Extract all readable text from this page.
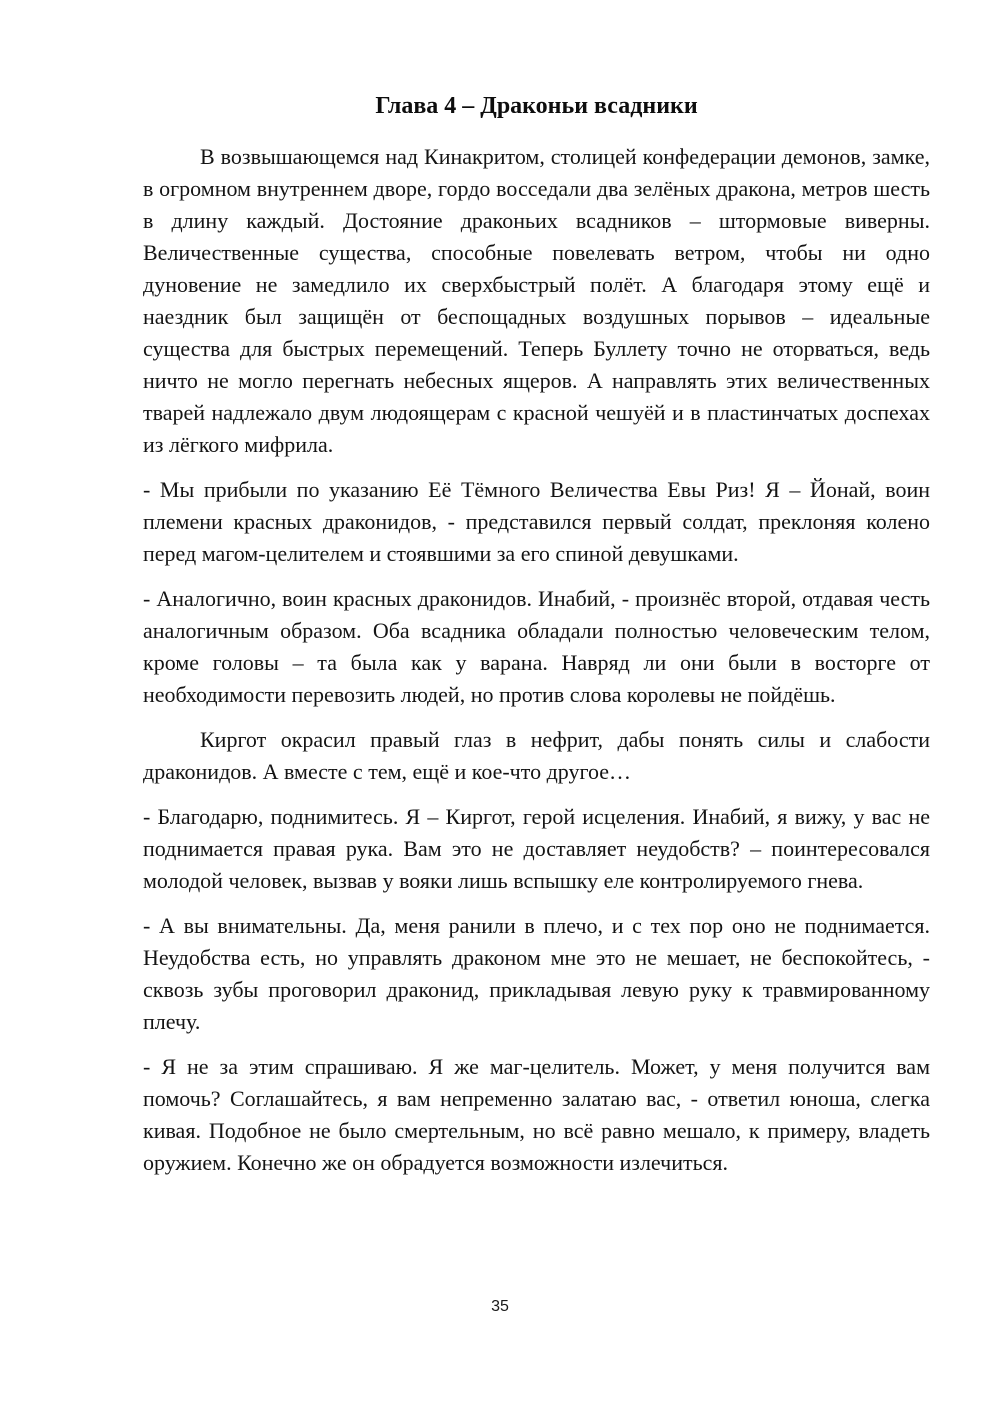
Глава 4 – Драконьи всадники

В возвышающемся над Кинакритом, столицей конфедерации демонов, замке, в огромном внутреннем дворе, гордо восседали два зелёных дракона, метров шесть в длину каждый. Достояние драконьих всадников – штормовые виверны. Величественные существа, способные повелевать ветром, чтобы ни одно дуновение не замедлило их сверхбыстрый полёт. А благодаря этому ещё и наездник был защищён от беспощадных воздушных порывов – идеальные существа для быстрых перемещений. Теперь Буллету точно не оторваться, ведь ничто не могло перегнать небесных ящеров. А направлять этих величественных тварей надлежало двум людоящерам с красной чешуёй и в пластинчатых доспехах из лёгкого мифрила.

- Мы прибыли по указанию Её Тёмного Величества Евы Риз! Я – Йонай, воин племени красных драконидов, - представился первый солдат, преклоняя колено перед магом-целителем и стоявшими за его спиной девушками.

- Аналогично, воин красных драконидов. Инабий, - произнёс второй, отдавая честь аналогичным образом. Оба всадника обладали полностью человеческим телом, кроме головы – та была как у варана. Навряд ли они были в восторге от необходимости перевозить людей, но против слова королевы не пойдёшь.

Киргот окрасил правый глаз в нефрит, дабы понять силы и слабости драконидов. А вместе с тем, ещё и кое-что другое…

- Благодарю, поднимитесь. Я – Киргот, герой исцеления. Инабий, я вижу, у вас не поднимается правая рука. Вам это не доставляет неудобств? – поинтересовался молодой человек, вызвав у вояки лишь вспышку еле контролируемого гнева.

- А вы внимательны. Да, меня ранили в плечо, и с тех пор оно не поднимается. Неудобства есть, но управлять драконом мне это не мешает, не беспокойтесь, - сквозь зубы проговорил драконид, прикладывая левую руку к травмированному плечу.

- Я не за этим спрашиваю. Я же маг-целитель. Может, у меня получится вам помочь? Соглашайтесь, я вам непременно залатаю вас, - ответил юноша, слегка кивая. Подобное не было смертельным, но всё равно мешало, к примеру, владеть оружием. Конечно же он обрадуется возможности излечиться.

35
